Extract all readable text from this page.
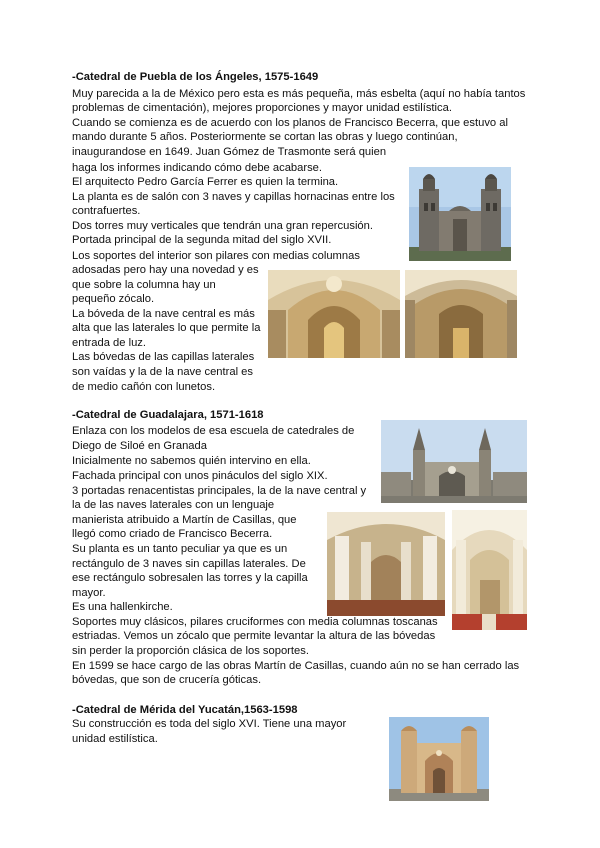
-Catedral de Puebla de los Ángeles, 1575-1649
Muy parecida a la de México pero esta es más pequeña, más esbelta (aquí no había tantos
problemas de cimentación), mejores proporciones y mayor unidad estilística.
Cuando se comienza es de acuerdo con los planos de Francisco Becerra, que estuvo al
mando durante 5 años. Posteriormente se cortan las obras y luego continúan,
inaugurandose en 1649. Juan Gómez de Trasmonte será quien
haga los informes indicando cómo debe acabarse.
El arquitecto Pedro García Ferrer es quien la termina.
La planta es de salón con 3 naves y capillas hornacinas entre los
contrafuertes.
Dos torres muy verticales que tendrán una gran repercusión.
Portada principal de la segunda mitad del siglo XVII.
Los soportes del interior son pilares con medias columnas
adosadas pero hay una novedad y es
que sobre la columna hay un
pequeño zócalo.
La bóveda de la nave central es más
alta que las laterales lo que permite la
entrada de luz.
Las bóvedas de las capillas laterales
son vaídas y la de la nave central es
de medio cañón con lunetos.
-Catedral de Guadalajara, 1571-1618
Enlaza con los modelos de esa escuela de catedrales de
Diego de Siloé en Granada
Inicialmente no sabemos quién intervino en ella.
Fachada principal con unos pináculos del siglo XIX.
3 portadas renacentistas principales, la de la nave central y
la de las naves laterales con un lenguaje
manierista atribuido a Martín de Casillas, que
llegó como criado de Francisco Becerra.
Su planta es un tanto peculiar ya que es un
rectángulo de 3 naves sin capillas laterales. De
ese rectángulo sobresalen las torres y la capilla
mayor.
Es una hallenkirche.
Soportes muy clásicos, pilares cruciformes con media columnas toscanas
estriadas. Vemos un zócalo que permite levantar la altura de las bóvedas
sin perder la proporción clásica de los soportes.
En 1599 se hace cargo de las obras Martín de Casillas, cuando aún no se han cerrado las
bóvedas, que son de crucería góticas.
-Catedral de Mérida del Yucatán,1563-1598
Su construcción es toda del siglo XVI. Tiene una mayor
unidad estilística.
